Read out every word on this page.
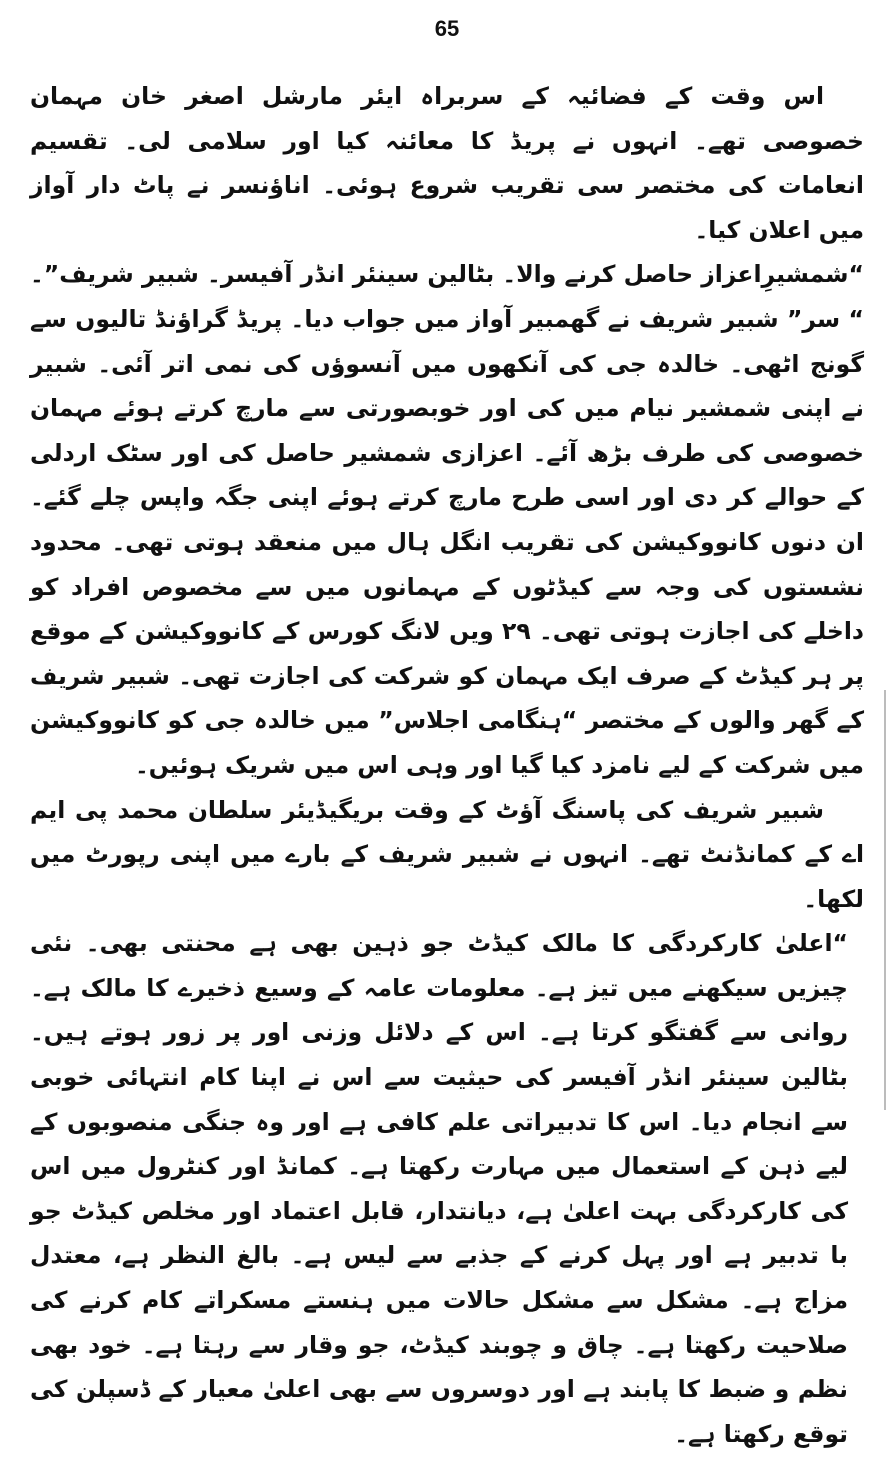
65

اس وقت کے فضائیہ کے سربراہ ایئر مارشل اصغر خان مہمان خصوصی تھے۔ انہوں نے پریڈ کا معائنہ کیا اور سلامی لی۔ تقسیم انعامات کی مختصر سی تقریب شروع ہوئی۔ اناؤنسر نے پاٹ دار آواز میں اعلان کیا۔

“شمشیرِاعزاز حاصل کرنے والا۔ بٹالین سینئر انڈر آفیسر۔ شبیر شریف”۔

“ سر” شبیر شریف نے گھمبیر آواز میں جواب دیا۔ پریڈ گراؤنڈ تالیوں سے گونج اٹھی۔ خالدہ جی کی آنکھوں میں آنسوؤں کی نمی اتر آئی۔ شبیر نے اپنی شمشیر نیام میں کی اور خوبصورتی سے مارچ کرتے ہوئے مہمان خصوصی کی طرف بڑھ آئے۔ اعزازی شمشیر حاصل کی اور سٹک اردلی کے حوالے کر دی اور اسی طرح مارچ کرتے ہوئے اپنی جگہ واپس چلے گئے۔ ان دنوں کانووکیشن کی تقریب انگل ہال میں منعقد ہوتی تھی۔ محدود نشستوں کی وجہ سے کیڈٹوں کے مہمانوں میں سے مخصوص افراد کو داخلے کی اجازت ہوتی تھی۔ ۲۹ ویں لانگ کورس کے کانووکیشن کے موقع پر ہر کیڈٹ کے صرف ایک مہمان کو شرکت کی اجازت تھی۔ شبیر شریف کے گھر والوں کے مختصر “ہنگامی اجلاس” میں خالدہ جی کو کانووکیشن میں شرکت کے لیے نامزد کیا گیا اور وہی اس میں شریک ہوئیں۔

شبیر شریف کی پاسنگ آؤٹ کے وقت بریگیڈیئر سلطان محمد پی ایم اے کے کمانڈنٹ تھے۔ انہوں نے شبیر شریف کے بارے میں اپنی رپورٹ میں لکھا۔

“اعلیٰ کارکردگی کا مالک کیڈٹ جو ذہین بھی ہے محنتی بھی۔ نئی چیزیں سیکھنے میں تیز ہے۔ معلومات عامہ کے وسیع ذخیرے کا مالک ہے۔ روانی سے گفتگو کرتا ہے۔ اس کے دلائل وزنی اور پر زور ہوتے ہیں۔ بٹالین سینئر انڈر آفیسر کی حیثیت سے اس نے اپنا کام انتہائی خوبی سے انجام دیا۔ اس کا تدبیراتی علم کافی ہے اور وہ جنگی منصوبوں کے لیے ذہن کے استعمال میں مہارت رکھتا ہے۔ کمانڈ اور کنٹرول میں اس کی کارکردگی بہت اعلیٰ ہے، دیانتدار، قابل اعتماد اور مخلص کیڈٹ جو با تدبیر ہے اور پہل کرنے کے جذبے سے لیس ہے۔ بالغ النظر ہے، معتدل مزاج ہے۔ مشکل سے مشکل حالات میں ہنستے مسکراتے کام کرنے کی صلاحیت رکھتا ہے۔ چاق و چوبند کیڈٹ، جو وقار سے رہتا ہے۔ خود بھی نظم و ضبط کا پابند ہے اور دوسروں سے بھی اعلیٰ معیار کے ڈسپلن کی توقع رکھتا ہے۔
